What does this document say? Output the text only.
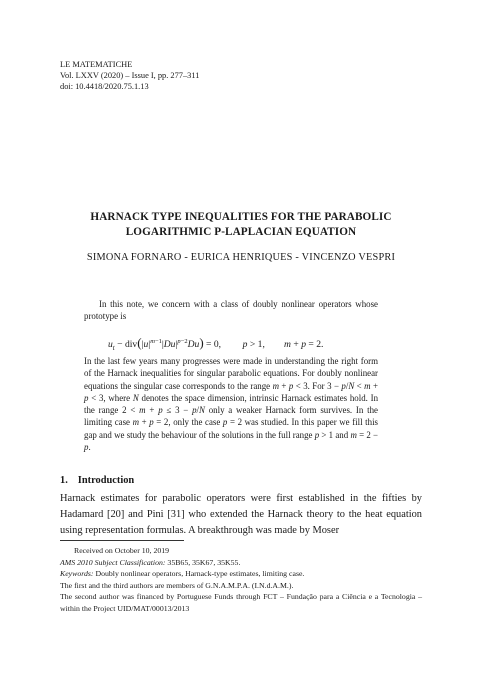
LE MATEMATICHE
Vol. LXXV (2020) – Issue I, pp. 277–311
doi: 10.4418/2020.75.1.13
HARNACK TYPE INEQUALITIES FOR THE PARABOLIC
LOGARITHMIC P-LAPLACIAN EQUATION
SIMONA FORNARO - EURICA HENRIQUES - VINCENZO VESPRI
In this note, we concern with a class of doubly nonlinear operators whose prototype is
$u_t - div(|u|^{m-1}|Du|^{p-2}Du) = 0$,         p > 1,        m + p = 2.
In the last few years many progresses were made in understanding the right form of the Harnack inequalities for singular parabolic equations. For doubly nonlinear equations the singular case corresponds to the range m + p < 3. For 3 − p/N < m + p < 3, where N denotes the space dimension, intrinsic Harnack estimates hold. In the range 2 < m + p ≤ 3 − p/N only a weaker Harnack form survives. In the limiting case m + p = 2, only the case p = 2 was studied. In this paper we fill this gap and we study the behaviour of the solutions in the full range p > 1 and m = 2 − p.
1. Introduction
Harnack estimates for parabolic operators were first established in the fifties by Hadamard [20] and Pini [31] who extended the Harnack theory to the heat equation using representation formulas. A breakthrough was made by Moser
Received on October 10, 2019
AMS 2010 Subject Classification: 35B65, 35K67, 35K55.
Keywords: Doubly nonlinear operators, Harnack-type estimates, limiting case.
The first and the third authors are members of G.N.A.M.P.A. (I.N.d.A.M.).
The second author was financed by Portuguese Funds through FCT – Fundação para a Ciência e a Tecnologia – within the Project UID/MAT/00013/2013
